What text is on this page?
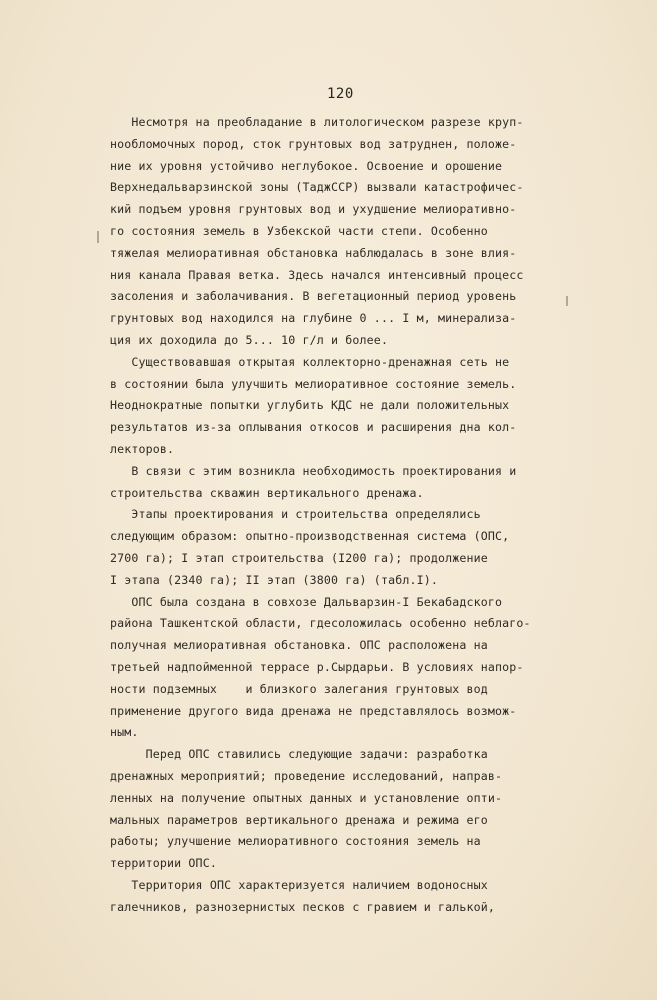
120
Несмотря на преобладание в литологическом разрезе круп-
нообломочных пород, сток грунтовых вод затруднен, положе-
ние их уровня устойчиво неглубокое. Освоение и орошение
Верхнедальварзинской зоны (ТаджССР) вызвали катастрофичес-
кий подъем уровня грунтовых вод и ухудшение мелиоративно-
го состояния земель в Узбекской части степи. Особенно
тяжелая мелиоративная обстановка наблюдалась в зоне влия-
ния канала Правая ветка. Здесь начался интенсивный процесс
засоления и заболачивания. В вегетационный период уровень
грунтовых вод находился на глубине 0 ... I м, минерализа-
ция их доходила до 5... 10 г/л и более.
Существовавшая открытая коллекторно-дренажная сеть не
в состоянии была улучшить мелиоративное состояние земель.
Неоднократные попытки углубить КДС не дали положительных
результатов из-за оплывания откосов и расширения дна кол-
лекторов.
В связи с этим возникла необходимость проектирования и
строительства скважин вертикального дренажа.
Этапы проектирования и строительства определялись
следующим образом: опытно-производственная система (ОПС,
2700 га); I этап строительства (I200 га); продолжение
I этапа (2340 га); II этап (3800 га) (табл.I).
ОПС была создана в совхозе Дальварзин-I Бекабадского
района Ташкентской области, гдесоложилась особенно неблаго-
получная мелиоративная обстановка. ОПС расположена на
третьей надпойменной террасе р.Сырдарьи. В условиях напор-
ности подземных    и близкого залегания грунтовых вод
применение другого вида дренажа не представлялось возмож-
ным.
Перед ОПС ставились следующие задачи: разработка
дренажных мероприятий; проведение исследований, направ-
ленных на получение опытных данных и установление опти-
мальных параметров вертикального дренажа и режима его
работы; улучшение мелиоративного состояния земель на
территории ОПС.
Территория ОПС характеризуется наличием водоносных
галечников, разнозернистых песков с гравием и галькой,
